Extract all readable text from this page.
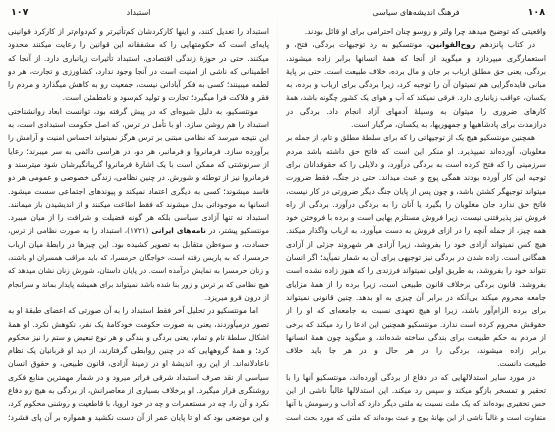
۱۰۷	استبداد
استبداد را تعدیل کنند، و اینها کارکردشان کم‌تأثیرتر و کم‌دوام‌تر از کارکرد قوانینی
پایه‌ای است که حکومتهایی را که مشفقانه این قوانین را رعایت میکنند محدود
میکنند. حتی در حوزهٔ زندگی اقتصادی، استبداد تأثیرات زیانباری دارد. از آنجا که
اطمینانی که ناشی از امنیت است در آنجا وجود ندارد، کشاورزی و تجارت، هر دو
لطمه میبینند؛ کسی به فکر آبادانی نیست، جمعیت رو به کاهش میگذارد و مردم را
فقر و فلاکت فرا میگیرد؛ تجارت و تولید کم‌سود و نامطمئن است.
مونتسکیو، به دلیل شیوه‌ای که در پیش گرفته بود، توانست ابعاد روانشناختی
استبداد را هم روشن سازد. او با تأمل در ترس، که اصل حکومت استبدادی است، به
این نتیجه میرسد که نظامی مبتنی بر ترس هرگز نمیتواند احساس امنیت و آرامش را
برآورده سازد. فرمانروا و فرمانبر، هر دو، در هراسی دائمی به سر میبرند؛ رعایا
از سرنوشتی که ممکن است با یک اشارهٔ فرمانروا گریبانگیرشان شود میترسند و
فرمانروا نیز از توطئه و شورش. در چنین نظامی، زندگی خصوصی و عمومی هر دو
فاسد میشوند؛ کسی به دیگری اعتماد نمیکند و پیوندهای اجتماعی سست میشود.
انسانها به موجوداتی بدل میشوند که فقط اطاعت میکنند و از اندیشیدن باز میمانند.
استبداد نه تنها آزادی سیاسی بلکه هر گونه فضیلت و شرافت را از میان میبرد.
مونتسکیو پیشتر، در نامه‌های ایرانی (۱۷۲۱)، استبداد را به صورت نظامی از ترس،
حسادت، و سوءظن متقابل به تصویر کشیده بود. این چیزها در رابطهٔ میان ارباب
حرمسرا، که به پاریس رفته است، خواجگان حرمسرا، که باید مراقب همسران او باشند،
و زنان حرمسرا به نمایش درآمده است. در پایان داستان، شورش زنان نشان میدهد که
هیچ نظامی که بر ترس و زور بنا شده باشد نمیتواند برای همیشه پایدار بماند و سرانجام
از درون فرو میریزد.
اما مونتسکیو در تحلیل آخر فقط استبداد را به آن صورتی که اعضای طبقهٔ او به
تصور درمیآوردند، یعنی به صورت حکومت خودکامهٔ یک نفر، نکوهش نکرد. او همهٔ
اشکال سلطهٔ تام و تمام، یعنی بردگی و بندگی و هر نوع تبعیض و ستم را نیز محکوم
کرد؛ و همهٔ گروههایی که در چنین روابطی گرفتارند، از دید او قربانیان یک نظام
ناعادلانه‌اند. از این رو، اندیشهٔ او در زمینهٔ آزادی، قانون طبیعی، و حقوق انسان
سیاسی از نقد صرف استبداد شرقی فراتر میرود و در شمار مهمترین منابع فکری
روشنگری قرار میگیرد. او برخلاف بسیاری از معاصرانش، از بردگی به هیچ رو دفاع
نکرد و آن را، چه در مستعمرات و چه در خود اروپا، با قاطعیت و روشنی محکوم کرد،
و این موضعی بود که او تا پایان عمر از آن دست نکشید و همواره بر آن پای فشرد؛
فرهنگ اندیشه‌های سیاسی	۱۰۸
واقعیتی که توضیح میدهد چرا ولتر و روسو چنان احترامی برای او قائل بودند.
در کتاب پانزدهم روح‌القوانین، مونتسکیو به رد توجیهات بردگی، فتح، و
استعمارگری میپردازد و میگوید از آنجا که همهٔ انسانها برابر زاده میشوند،
بردگی، یعنی حق مطلق ارباب بر جان و مال برده، خلاف طبیعت است. حتی بر پایهٔ
مبانی فایده‌گرایی هم نمیتوان آن را توجیه کرد، زیرا بردگی برای ارباب و برده، به
یکسان، عواقب زیانباری دارد. فرقی نمیکند که آب و هوای یک کشور چگونه باشد، همهٔ
کارهای ضروری را میتوان به وسیلهٔ آدمهای آزاد انجام داد. بردگی در
درازمدت برای پادشاهیها و جمهوریها، به یکسان، مرگبار است.
همچنین مونتسکیو هیچ یک از توجیهاتی را که برای سلطهٔ مطلق و تام، از جمله بر
مغلوبان، آورده‌اند نمیپذیرد. او منکر این است که فاتح حق داشته باشد مردم
سرزمینی را که فتح کرده است به بردگی درآورد، و دلایلی را که حقوقدانان برای
توجیه این کار آورده بودند همگی پوچ و عبث میداند. حتی در جنگ، فقط ضرورت
میتواند توجیهگر کشتن باشد، و چون پس از پایان جنگ دیگر ضرورتی در کار نیست،
فاتح حق ندارد جان مغلوبان را بگیرد یا آنان را به بردگی درآورد. بردگی از راه
فروش نیز پذیرفتنی نیست، زیرا فروش مستلزم بهایی است و برده با فروختن خود
همه چیز، از جمله آنچه را در ازای فروش به دست میآورد، به ارباب واگذار میکند.
هیچ کس نمیتواند آزادی خود را بفروشد، زیرا آزادی هر شهروند جزئی از آزادی
همگانی است. زاده شدن در بردگی نیز توجیهی برای آن به شمار نمیآید؛ اگر انسان
نتواند خود را بفروشد، به طریق اولی نمیتواند فرزندی را که هنوز زاده نشده است
بفروشد. قانون بردگی برخلاف قانون طبیعی است، زیرا برده را از همهٔ مزایای
جامعه محروم میکند بی‌آنکه در برابر آن چیزی به او بدهد. چنین قانونی نمیتواند
برای برده الزام‌آور باشد، زیرا او هیچ تعهدی نسبت به جامعه‌ای که او را از
حقوقش محروم کرده است ندارد. مونتسکیو همچنین این ادعا را رد میکند که برخی
از مردم به حکم طبیعت برای بندگی ساخته شده‌اند، و میگوید چون همهٔ انسانها
برابر زاده میشوند، بردگی را در هر حال و در هر جا باید خلاف
طبیعت دانست.
در مورد سایر استدلالهایی که در دفاع از بردگی آورده‌اند، مونتسکیو آنها را با
تحقیر و تمسخر بازگو میکند و سپس رد میکند. این استدلالها غالباً ناشی از این
حس تحقیری بوده‌اند که یک ملت نسبت به ملتی دیگر دارد که آداب و رسومش با آنها
متفاوت است و غالباً ناشی از این بهانهٔ پوچ و عبث بوده‌اند که ملتی که مورد بحث است
